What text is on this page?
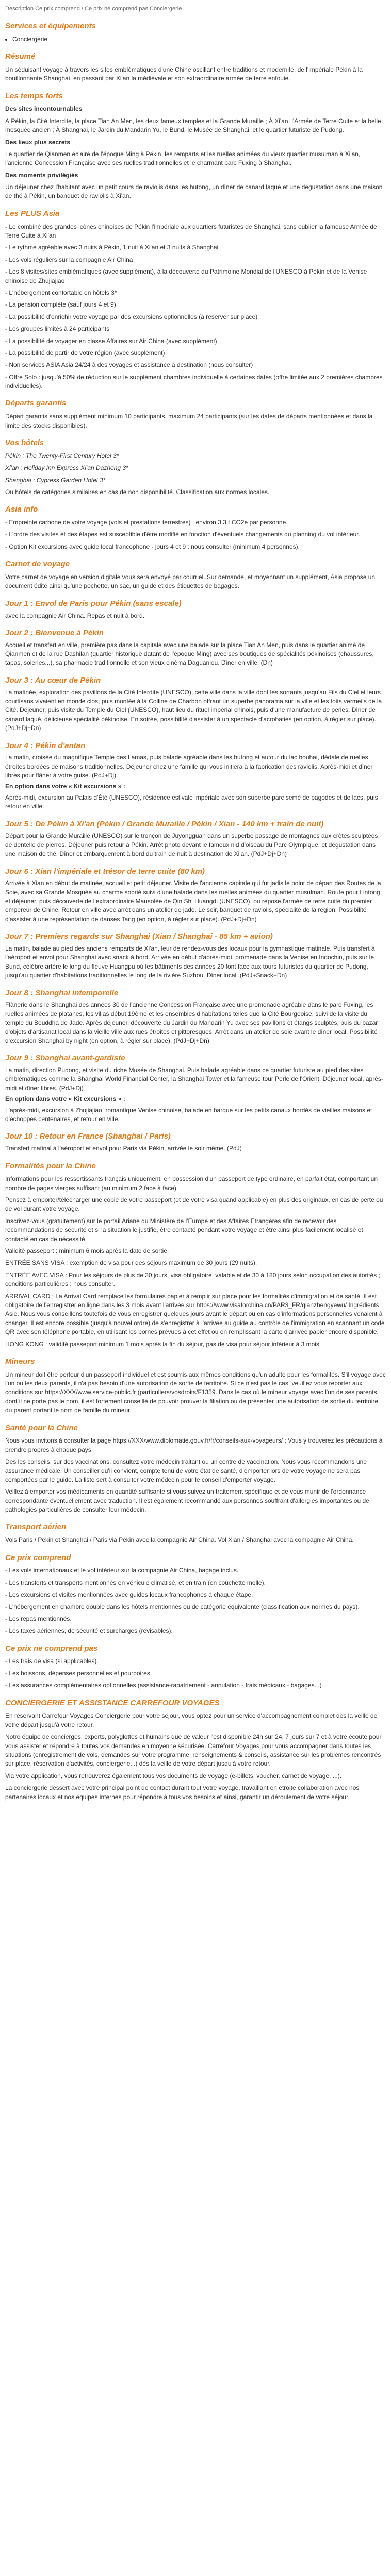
Description Ce prix comprend / Ce prix ne comprend pas Conciergerie
Services et équipements
• Conciergerie
Résumé
Un séduisant voyage à travers les sites emblématiques d'une Chine oscillant entre traditions et modernité, de l'impériale Pékin à la bouillonnante Shanghai, en passant par Xi'an la médiévale et son extraordinaire armée de terre enfouie.
Les temps forts
Des sites incontournables
À Pékin, la Cité Interdite, la place Tian An Men, les deux fameux temples et la Grande Muraille ; À Xi'an, l'Armée de Terre Cuite et la belle mosquée ancien ; À Shanghai, le Jardin du Mandarin Yu, le Bund, le Musée de Shanghai, et le quartier futuriste de Pudong.
Des lieux plus secrets
Le quartier de Qianmen éclairé de l'époque Ming à Pékin, les remparts et les ruelles animées du vieux quartier musulman à Xi'an, l'ancienne Concession Française avec ses ruelles traditionnelles et le charmant parc Fuxing à Shanghai.
Des moments privilégiés
Un déjeuner chez l'habitant avec un petit cours de raviolis dans les hutong, un dîner de canard laqué et une dégustation dans une maison de thé à Pékin, un banquet de raviolis à Xi'an.
Les PLUS Asia
- Le combiné des grandes icônes chinoises de Pékin l'impériale aux quartiers futuristes de Shanghai, sans oublier la fameuse Armée de Terre Cuite à Xi'an
- Le rythme agréable avec 3 nuits à Pékin, 1 nuit à Xi'an et 3 nuits à Shanghai
- Les vols réguliers sur la compagnie Air China
- Les 8 visites/sites emblématiques (avec supplément), à la découverte du Patrimoine Mondial de l'UNESCO à Pékin et de la Venise chinoise de Zhujiajiao
- L'hébergement confortable en hôtels 3*
- La pension complète (sauf jours 4 et 9)
- La possibilité d'enrichir votre voyage par des excursions optionnelles (à réserver sur place)
- Les groupes limités à 24 participants
- La possibilité de voyager en classe Affaires sur Air China (avec supplément)
- La possibilité de partir de votre région (avec supplément)
- Non services ASIA Asia 24/24 à des voyages et assistance à destination (nous consulter)
- Offre Solo : jusqu'à 50% de réduction sur le supplément chambres individuelle à certaines dates (offre limitée aux 2 premières chambres individuelles).
Départs garantis
Départ garantis sans supplément minimum 10 participants, maximum 24 participants (sur les dates de départs mentionnées et dans la limite des stocks disponibles).
Vos hôtels
Pékin : The Twenty-First Century Hotel 3*
Xi'an : Holiday Inn Express Xi'an Dazhong 3*
Shanghai : Cypress Garden Hotel 3*
Ou hôtels de catégories similaires en cas de non disponibilité. Classification aux normes locales.
Asia info
- Empreinte carbone de votre voyage (vols et prestations terrestres) : environ 3,3 t CO2e par personne.
- L'ordre des visites et des étapes est susceptible d'être modifié en fonction d'éventuels changements du planning du vol intérieur.
- Option Kit excursions avec guide local francophone - jours 4 et 9 : nous consulter (minimum 4 personnes).
Carnet de voyage
Votre carnet de voyage en version digitale vous sera envoyé par courriel. Sur demande, et moyennant un supplément, Asia propose un document édité ainsi qu'une pochette, un sac, un guide et des étiquettes de bagages.
Jour 1 : Envol de Paris pour Pékin (sans escale)
avec la compagnie Air China. Repas et nuit à bord.
Jour 2 : Bienvenue à Pékin
Accueil et transfert en ville, première pas dans la capitale avec une balade sur la place Tian An Men, puis dans le quartier animé de Qianmen et de la rue Dashilan (quartier historique datant de l'époque Ming) avec ses boutiques de spécialités pékinoises (chaussures, tapas, soieries...), sa pharmacie traditionnelle et son vieux cinéma Daguanlou. Dîner en ville. (Dn)
Jour 3 : Au cœur de Pékin
La matinée, exploration des pavillons de la Cité Interdite (UNESCO), cette ville dans la ville dont les sortants jusqu'au Fils du Ciel et leurs courtisans vivaient en monde clos, puis montée à la Colline de Charbon offrant un superbe panorama sur la ville et les toits vermeils de la Cité. Déjeuner, puis visite du Temple du Ciel (UNESCO), haut lieu du rituel impérial chinois, puis d'une manufacture de perles. Dîner de canard laqué, délicieuse spécialité pékinoise. En soirée, possibilité d'assister à un spectacle d'acrobaties (en option, à régler sur place). (PdJ+Dj+Dn)
Jour 4 : Pékin d'antan
La matin, croisée du magnifique Temple des Lamas, puis balade agréable dans les hutong et autour du lac houhai, dédale de ruelles étroites bordées de maisons traditionnelles. Déjeuner chez une famille qui vous initiera à la fabrication des raviolis. Après-midi et dîner libres pour flâner à votre guise. (PdJ+Dj)
En option dans votre « Kit excursions » :
Après-midi, excursion au Palais d'Été (UNESCO), résidence estivale impériale avec son superbe parc semé de pagodes et de lacs, puis retour en ville.
Jour 5 : De Pékin à Xi'an (Pékin / Grande Muraille / Pékin / Xian - 140 km + train de nuit)
Départ pour la Grande Muraille (UNESCO) sur le tronçon de Juyongguan dans un superbe passage de montagnes aux crêtes sculptées de dentelle de pierres. Déjeuner puis retour à Pékin. Arrêt photo devant le fameux nid d'oiseau du Parc Olympique, et dégustation dans une maison de thé. Dîner et embarquement à bord du train de nuit à destination de Xi'an. (PdJ+Dj+Dn)
Jour 6 : Xian l'impériale et trésor de terre cuite (80 km)
Arrivée à Xian en début de matinée, accueil et petit déjeuner. Visite de l'ancienne capitale qui fut jadis le point de départ des Routes de la Soie, avec sa Grande Mosquée au charme sobrié suivi d'une balade dans les ruelles animées du quartier musulman. Route pour Lintong et déjeuner, puis découverte de l'extraordinaire Mausolée de Qin Shi Huangdi (UNESCO), ou repose l'armée de terre cuite du premier empereur de Chine. Retour en ville avec arrêt dans un atelier de jade. Le soir, banquet de raviolis, spécialité de la région. Possibilité d'assister à une représentation de danses Tang (en option, à régler sur place). (PdJ+Dj+Dn)
Jour 7 : Premiers regards sur Shanghai (Xian / Shanghai - 85 km + avion)
La matin, balade au pied des anciens remparts de Xi'an, leur de rendez-vous des locaux pour la gymnastique matinale. Puis transfert à l'aéroport et envol pour Shanghai avec snack à bord. Arrivée en début d'après-midi, promenade dans la Venise en Indochin, puis sur le Bund, célèbre artère le long du fleuve Huangpu où les bâtiments des années 20 font face aux tours futuristes du quartier de Pudong, jusqu'au quartier d'habitations traditionnelles le long de la rivière Suzhou. Dîner local. (PdJ+Snack+Dn)
Jour 8 : Shanghai intemporelle
Flânerie dans le Shanghai des années 30 de l'ancienne Concession Française avec une promenade agréable dans le parc Fuxing, les ruelles animées de platanes, les villas début 19ème et les ensembles d'habitations telles que la Cité Bourgeoise, suivi de la visite du temple du Bouddha de Jade. Après déjeuner, découverte du Jardin du Mandarin Yu avec ses pavillons et étangs sculptés, puis du bazar d'objets d'artisanat local dans la vieille ville aux rues étroites et pittoresques. Arrêt dans un atelier de soie avant le dîner local. Possibilité d'excursion Shanghai by night (en option, à régler sur place). (PdJ+Dj+Dn)
Jour 9 : Shanghai avant-gardiste
La matin, direction Pudong, et visite du riche Musée de Shanghai. Puis balade agréable dans ce quartier futuriste au pied des sites emblématiques comme la Shanghai World Financial Center, la Shanghai Tower et la fameuse tour Perle de l'Orient. Déjeuner local, après-midi et dîner libres. (PdJ+Dj)
En option dans votre « Kit excursions » :
L'après-midi, excursion à Zhujiajiao, romantique Venise chinoise, balade en barque sur les petits canaux bordés de vieilles maisons et d'échoppes centenaires, et retour en ville.
Jour 10 : Retour en France (Shanghai / Paris)
Transfert matinal à l'aéroport et envol pour Paris via Pékin, arrivée le soir même. (PdJ)
Formalités pour la Chine
Informations pour les ressortissants français uniquement, en possession d'un passeport de type ordinaire, en parfait état, comportant un nombre de pages vierges suffisant (au minimum 2 face à face).
Pensez à emporter/télécharger une copie de votre passeport (et de votre visa quand applicable) en plus des originaux, en cas de perte ou de vol durant votre voyage.
Inscrivez-vous (gratuitement) sur le portail Ariane du Ministère de l'Europe et des Affaires Étrangères afin de recevoir des recommandations de sécurité et si la situation le justifie, être contacté pendant votre voyage et être ainsi plus facilement localisé et contacté en cas de nécessité.
Validité passeport : minimum 6 mois après la date de sortie.
ENTRÉE SANS VISA : exemption de visa pour des séjours maximum de 30 jours (29 nuits).
ENTRÉE AVEC VISA : Pour les séjours de plus de 30 jours, visa obligatoire, valable et de 30 à 180 jours selon occupation des autorités ; conditions particulières : nous consulter.
ARRIVAL CARD : La Arrival Card remplace les formulaires papier à remplir sur place pour les formalités d'immigration et de santé. Il est obligatoire de l'enregistrer en ligne dans les 3 mois avant l'arrivée sur https://www.visaforchina.cn/PAR3_FR/qianzhengyewu/ Ingrédients Asie. Nous vous conseillons toutefois de vous enregistrer quelques jours avant le départ ou en cas d'informations personnelles venaient à changer. Il est encore possible (jusqu'à nouvel ordre) de s'enregistrer à l'arrivée au guide au contrôle de l'immigration en scannant un code QR avec son téléphone portable, en utilisant les bornes prévues à cet effet ou en remplissant la carte d'arrivée papier encore disponible.
HONG KONG : validité passeport minimum 1 mois après la fin du séjour, pas de visa pour séjour inférieur à 3 mois.
Mineurs
Un mineur doit être porteur d'un passeport individuel et est soumis aux mêmes conditions qu'un adulte pour les formalités. S'il voyage avec l'un ou les deux parents, il n'a pas besoin d'une autorisation de sortie de territoire. Si ce n'est pas le cas, veuillez vous reporter aux conditions sur https://XXX/www.service-public.fr (particuliers/vosdroits/F1359. Dans le cas où le mineur voyage avec l'un de ses parents dont il ne porte pas le nom, il est fortement conseillé de pouvoir prouver la filiation ou de présenter une autorisation de sortie du territoire du parent portant le nom de famille du mineur.
Santé pour la Chine
Nous vous invitons à consulter la page https://XXX/www.diplomatie.gouv.fr/fr/conseils-aux-voyageurs/ ; Vous y trouverez les précautions à prendre propres à chaque pays.
Des les conseils, sur des vaccinations, consultez votre médecin traitant ou un centre de vaccination. Nous vous recommandons une assurance médicale. Un conseiller qu'il convient, compte tenu de votre état de santé, d'emporter lors de votre voyage ne sera pas comportées par le guide. La liste sert à consulter votre médecin pour le conseil d'emporter voyage.
Veillez à emporter vos médicaments en quantité suffisante si vous suivez un traitement spécifique et de vous munir de l'ordonnance correspondante éventuellement avec traduction. Il est également recommandé aux personnes souffrant d'allergies importantes ou de pathologies particulières de consulter leur médecin.
Transport aérien
Vols Paris / Pékin et Shanghai / Paris via Pékin avec la compagnie Air China. Vol Xian / Shanghai avec la compagnie Air China.
Ce prix comprend
- Les vols internationaux et le vol intérieur sur la compagnie Air China, bagage inclus.
- Les transferts et transports mentionnés en véhicule climatisé, et en train (en couchette molle).
- Les excursions et visites mentionnées avec guides locaux francophones à chaque étape.
- L'hébergement en chambre double dans les hôtels mentionnés ou de catégorie équivalente (classification aux normes du pays).
- Les repas mentionnés.
- Les taxes aériennes, de sécurité et surcharges (révisables).
Ce prix ne comprend pas
- Les frais de visa (si applicables).
- Les boissons, dépenses personnelles et pourboires.
- Les assurances complémentaires optionnelles (assistance-rapatriement - annulation - frais médicaux - bagages...)
CONCIERGERIE ET ASSISTANCE CARREFOUR VOYAGES
En réservant Carrefour Voyages Conciergerie pour votre séjour, vous optez pour un service d'accompagnement complet dès la veille de votre départ jusqu'à votre retour.
Notre équipe de concierges, experts, polyglottes et humains que de valeur l'est disponible 24h sur 24, 7 jours sur 7 et à votre écoute pour vous assister et répondre à toutes vos demandes en moyenne sécurisée. Carrefour Voyages pour vous accompagner dans toutes les situations (enregistrement de vols, demandes sur votre programme, renseignements & conseils, assistance sur les problèmes rencontrés sur place, réservation d'activités, conciergerie...) dès la veille de votre départ jusqu'à votre retour.
Via votre application, vous retrouverez également tous vos documents de voyage (e-billets, voucher, carnet de voyage, ...).
La conciergerie dessert avec votre principal point de contact durant tout votre voyage, travaillant en étroite collaboration avec nos partenaires locaux et nos équipes internes pour répondre à tous vos besoins et ainsi, garantir un déroulement de votre séjour.
